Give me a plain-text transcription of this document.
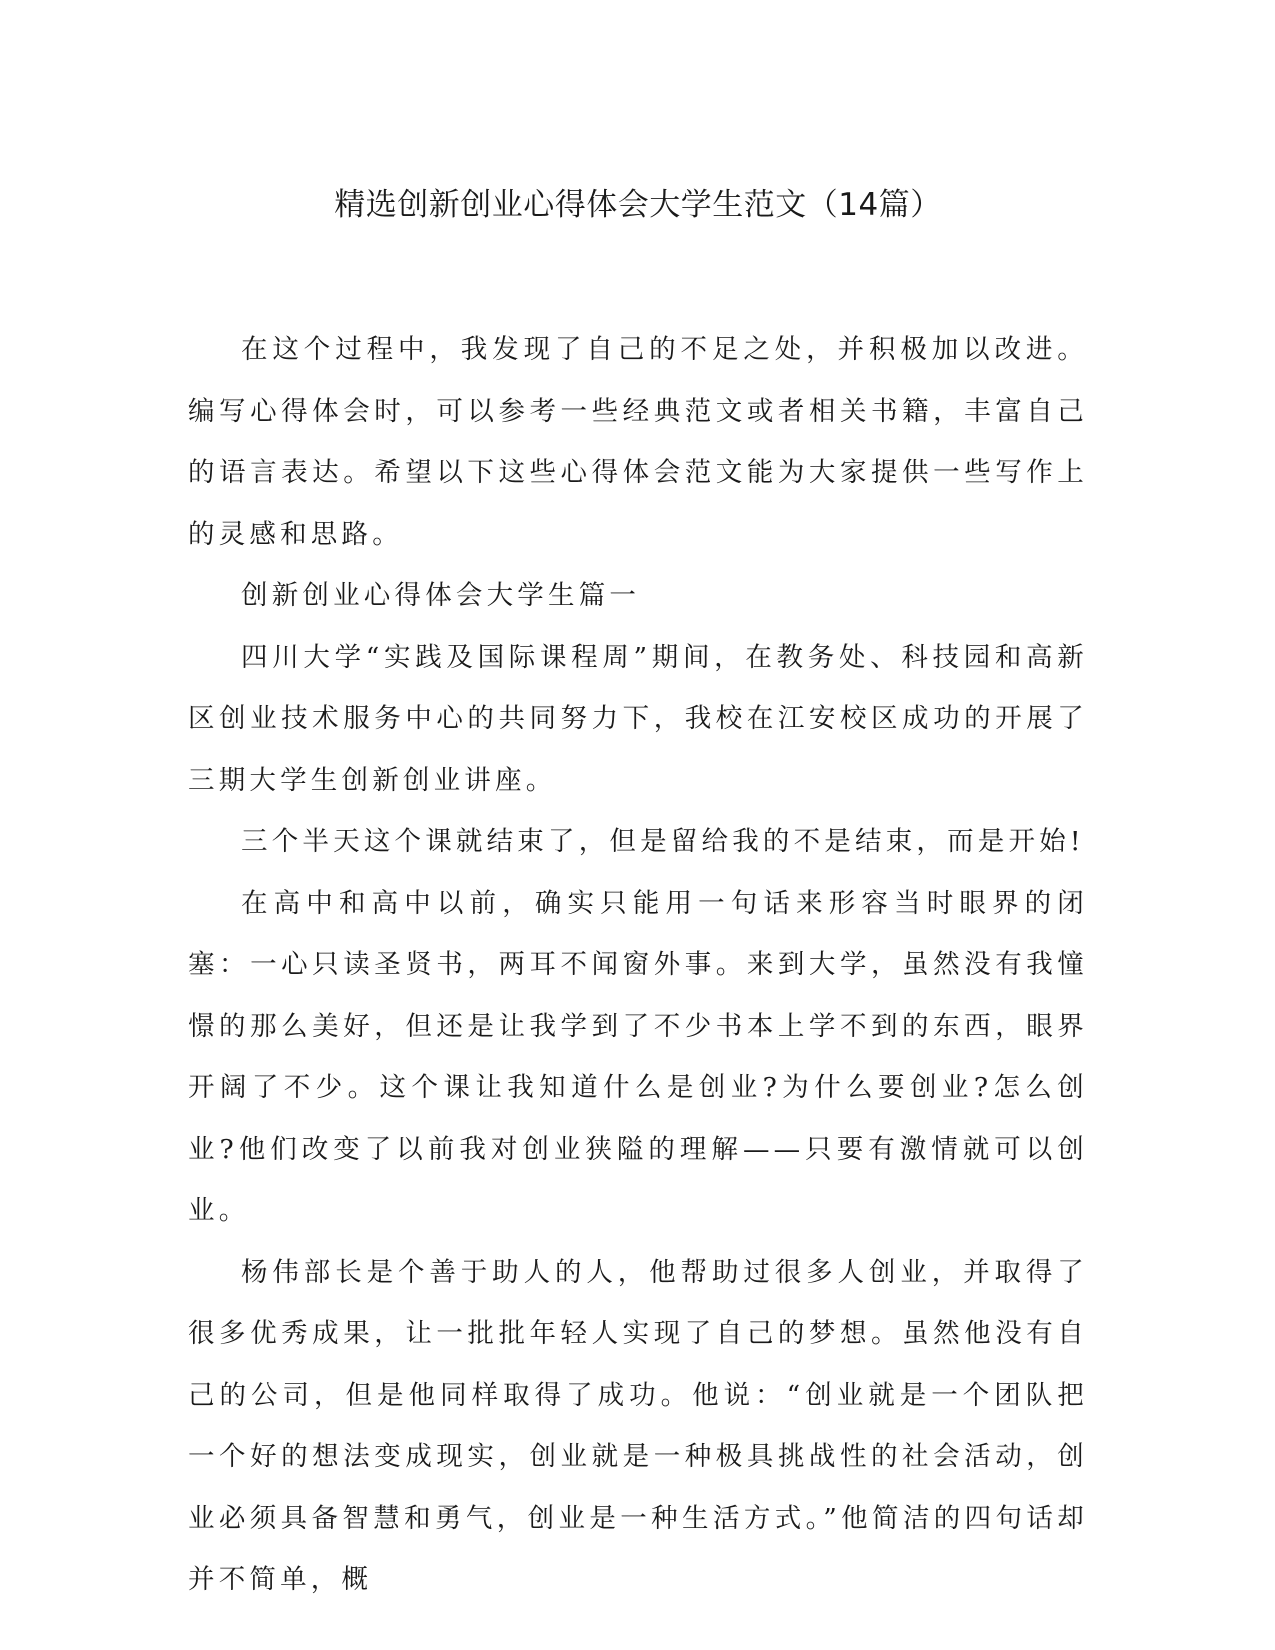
精选创新创业心得体会大学生范文（14篇）

在这个过程中，我发现了自己的不足之处，并积极加以改进。编写心得体会时，可以参考一些经典范文或者相关书籍，丰富自己的语言表达。希望以下这些心得体会范文能为大家提供一些写作上的灵感和思路。

创新创业心得体会大学生篇一

四川大学“实践及国际课程周”期间，在教务处、科技园和高新区创业技术服务中心的共同努力下，我校在江安校区成功的开展了三期大学生创新创业讲座。

三个半天这个课就结束了，但是留给我的不是结束，而是开始!

在高中和高中以前，确实只能用一句话来形容当时眼界的闭塞：一心只读圣贤书，两耳不闻窗外事。来到大学，虽然没有我憧憬的那么美好，但还是让我学到了不少书本上学不到的东西，眼界开阔了不少。这个课让我知道什么是创业?为什么要创业?怎么创业?他们改变了以前我对创业狭隘的理解——只要有激情就可以创业。

杨伟部长是个善于助人的人，他帮助过很多人创业，并取得了很多优秀成果，让一批批年轻人实现了自己的梦想。虽然他没有自己的公司，但是他同样取得了成功。他说：“创业就是一个团队把一个好的想法变成现实，创业就是一种极具挑战性的社会活动，创业必须具备智慧和勇气，创业是一种生活方式。”他简洁的四句话却并不简单，概
